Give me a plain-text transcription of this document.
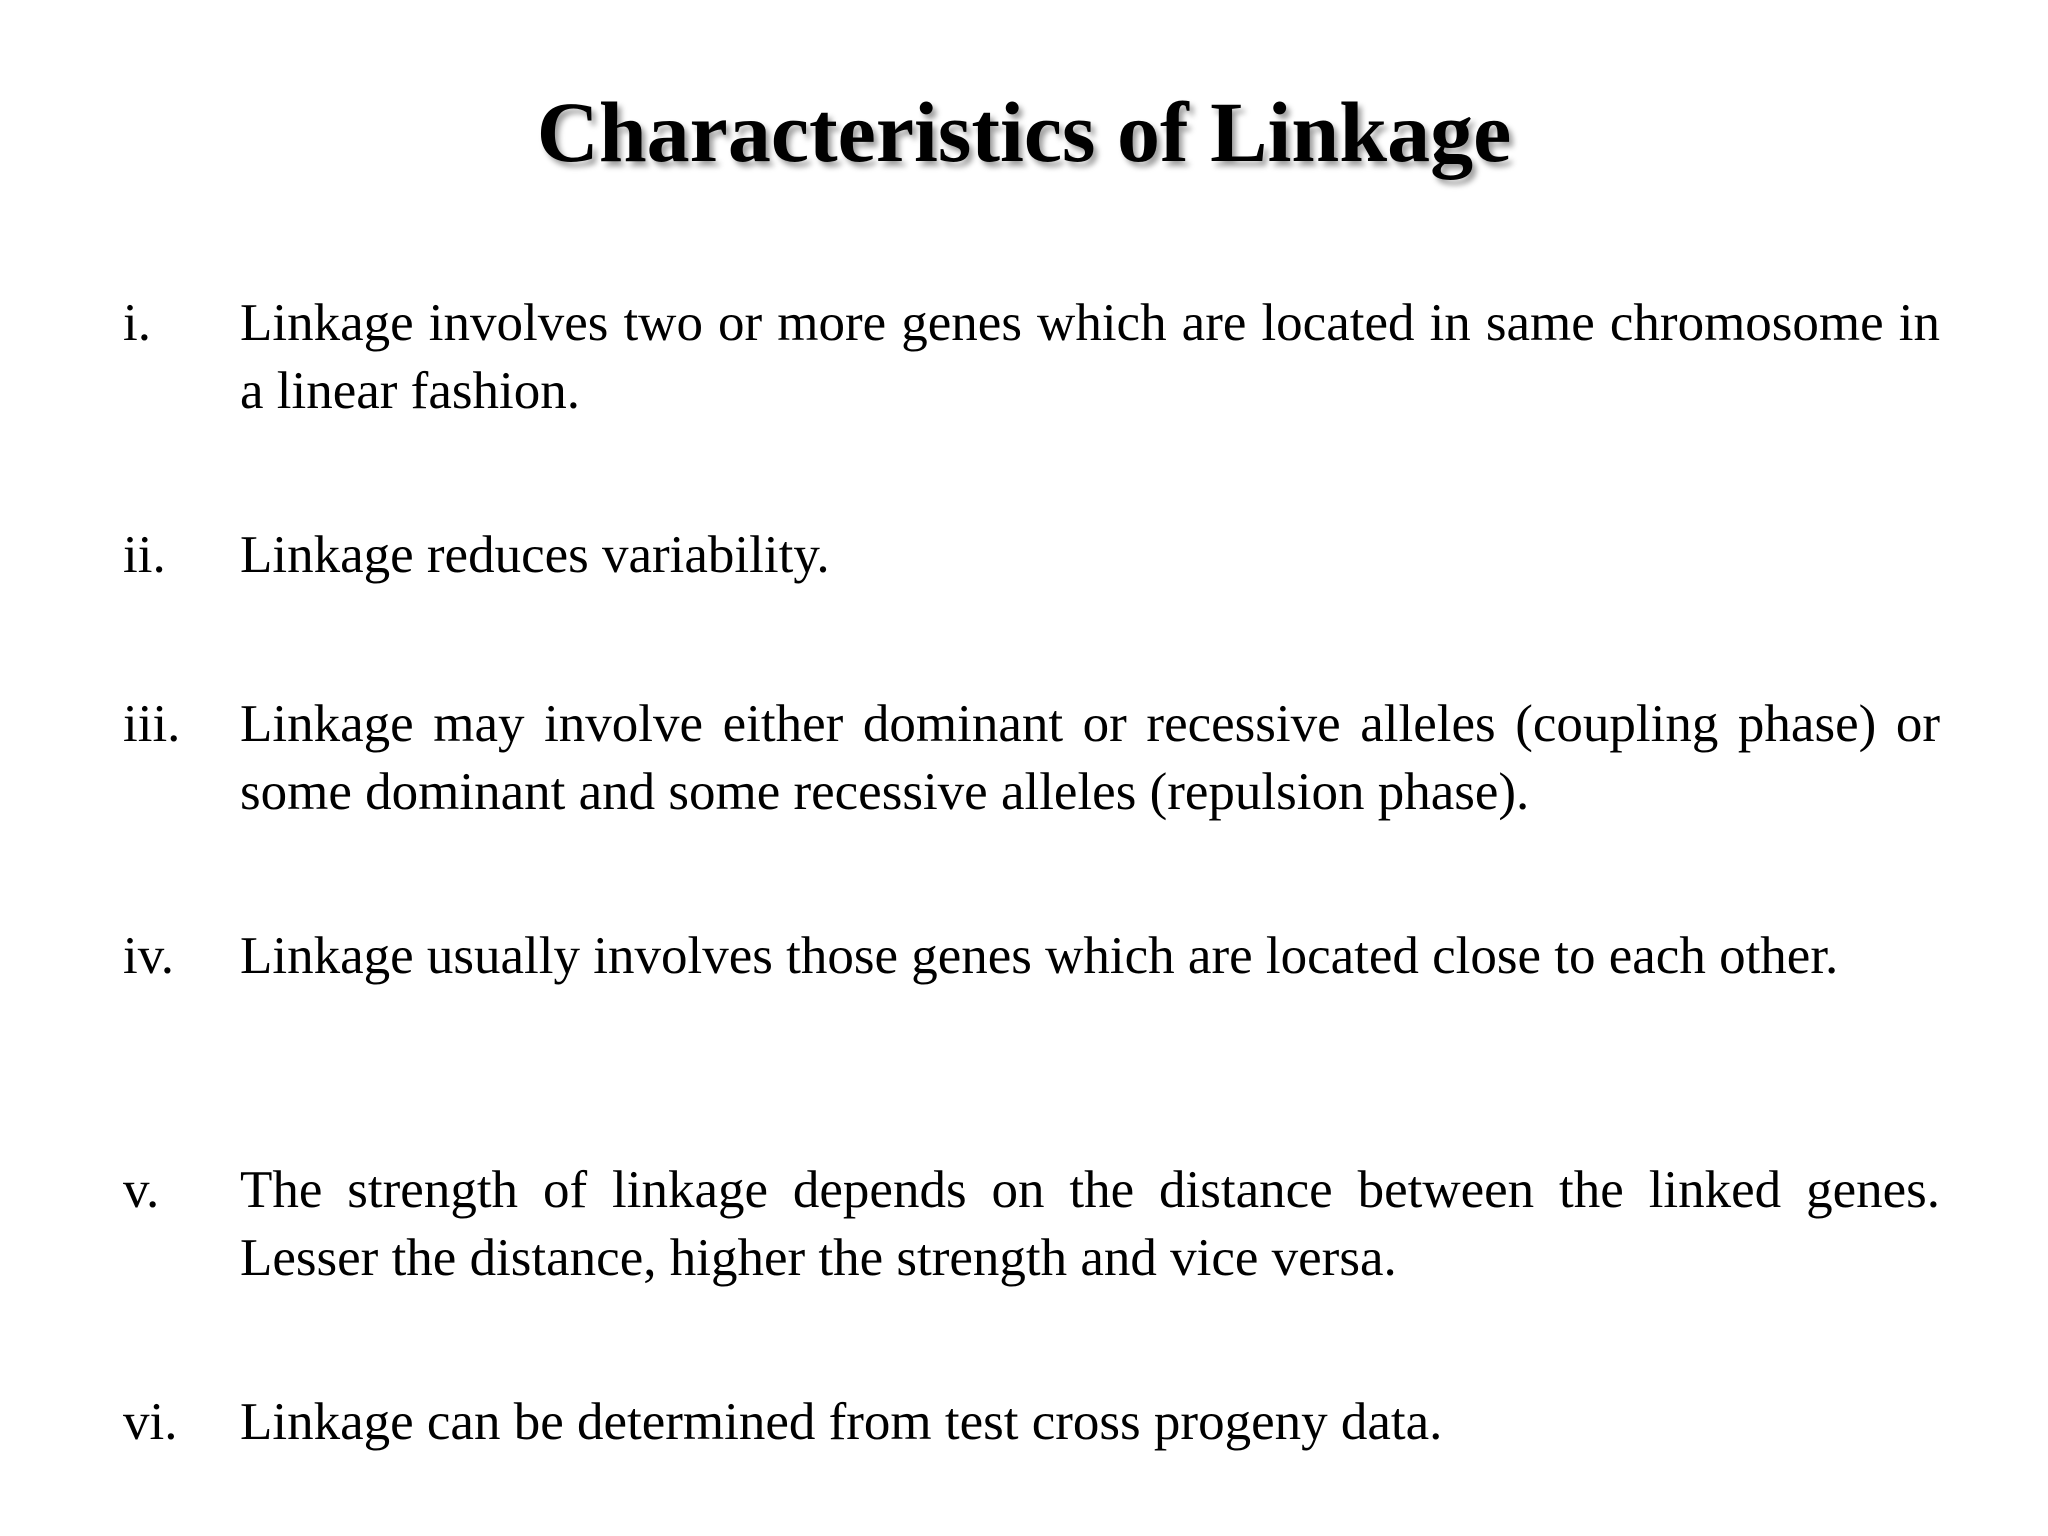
Characteristics of Linkage
i. Linkage involves two or more genes which are located in same chromosome in a linear fashion.
ii. Linkage reduces variability.
iii. Linkage may involve either dominant or recessive alleles (coupling phase) or some dominant and some recessive alleles (repulsion phase).
iv. Linkage usually involves those genes which are located close to each other.
v. The strength of linkage depends on the distance between the linked genes. Lesser the distance, higher the strength and vice versa.
vi. Linkage can be determined from test cross progeny data.
